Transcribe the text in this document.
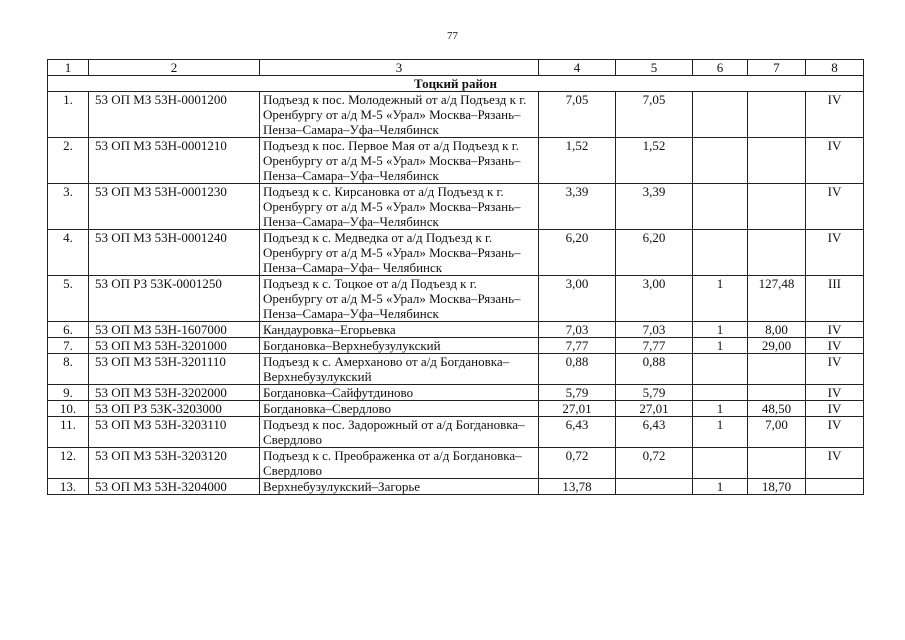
77
1	2	3	4	5	6	7	8
Тоцкий район							
1.	53 ОП МЗ 53Н-0001200	Подъезд к пос. Молодежный от а/д Подъезд к г. Оренбургу от а/д М-5 «Урал» Москва–Рязань–Пенза–Самара–Уфа–Челябинск	7,05	7,05			IV
2.	53 ОП МЗ 53Н-0001210	Подъезд к пос. Первое Мая от а/д Подъезд к г. Оренбургу от а/д М-5 «Урал» Москва–Рязань–Пенза–Самара–Уфа–Челябинск	1,52	1,52			IV
3.	53 ОП МЗ 53Н-0001230	Подъезд к с. Кирсановка от а/д Подъезд к г. Оренбургу от а/д М-5 «Урал» Москва–Рязань–Пенза–Самара–Уфа–Челябинск	3,39	3,39			IV
4.	53 ОП МЗ 53Н-0001240	Подъезд к с. Медведка от а/д Подъезд к г. Оренбургу от а/д М-5 «Урал» Москва–Рязань–Пенза–Самара–Уфа– Челябинск	6,20	6,20			IV
5.	53 ОП РЗ 53К-0001250	Подъезд к с. Тоцкое от а/д Подъезд к г. Оренбургу от а/д М-5 «Урал» Москва–Рязань–Пенза–Самара–Уфа–Челябинск	3,00	3,00	1	127,48	III
6.	53 ОП МЗ 53Н-1607000	Кандауровка–Егорьевка	7,03	7,03	1	8,00	IV
7.	53 ОП МЗ 53Н-3201000	Богдановка–Верхнебузулукский	7,77	7,77	1	29,00	IV
8.	53 ОП МЗ 53Н-3201110	Подъезд к с. Амерханово от а/д Богдановка–Верхнебузулукский	0,88	0,88			IV
9.	53 ОП МЗ 53Н-3202000	Богдановка–Сайфутдиново	5,79	5,79			IV
10.	53 ОП РЗ 53К-3203000	Богдановка–Свердлово	27,01	27,01	1	48,50	IV
11.	53 ОП МЗ 53Н-3203110	Подъезд к пос. Задорожный от а/д Богдановка–Свердлово	6,43	6,43	1	7,00	IV
12.	53 ОП МЗ 53Н-3203120	Подъезд к с. Преображенка от а/д Богдановка–Свердлово	0,72	0,72			IV
13.	53 ОП МЗ 53Н-3204000	Верхнебузулукский–Загорье	13,78		1	18,70	
